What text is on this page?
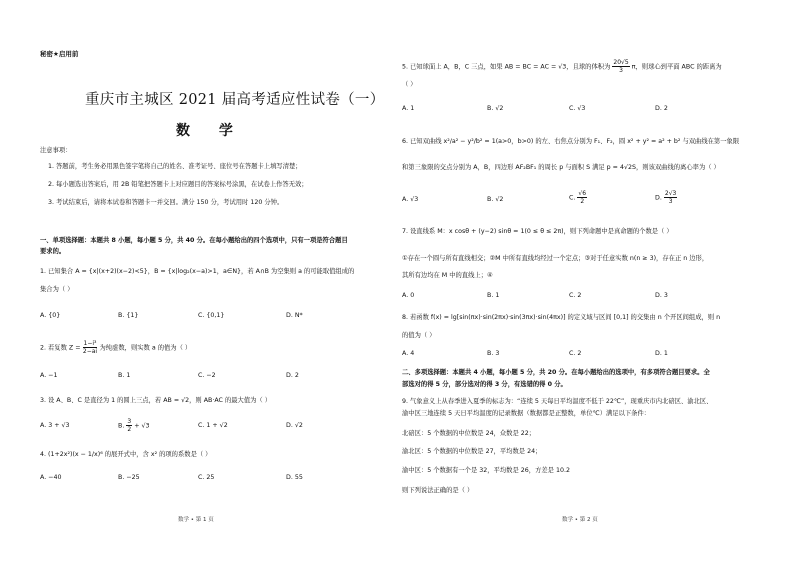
秘密★启用前
重庆市主城区 2021 届高考适应性试卷（一）
数 学
注意事项：
1. 答题前，考生务必用黑色签字笔将自己的姓名、准考证号、座位号在答题卡上填写清楚；
2. 每小题选出答案后，用 2B 铅笔把答题卡上对应题目的答案标号涂黑，在试卷上作答无效；
3. 考试结束后，请将本试卷和答题卡一并交回。满分 150 分，考试用时 120 分钟。
一、单项选择题：本题共 8 小题，每小题 5 分，共 40 分。在每小题给出的四个选项中，只有一项是符合题目
要求的。
1. 已知集合 A = {x|(x+2)(x−2)<5}，B = {x|log₂(x−a)>1，a∈N}，若 A∩B 为空集则 a 的可能取值组成的
集合为（ ）
A. {0}	B. {1}	C. {0,1}	D. N*
2. 若复数 $Z = \frac{\text{1−i³}}{2-ai}$ 为纯虚数，则实数 a 的值为（ ）
A. −1	B. 1	C. −2	D. 2
3. 设 A、B、C 是直径为 1 的圆上三点，若 AB = √2，则 AB·AC 的最大值为（ ）
A. 3 + √3	B. $\frac{3}{2} + √3$	C. 1 + √2	D. √2
4. (1+2x²)(x − 1/x)⁶ 的展开式中，含 x² 的项的系数是（ ）
A. −40	B. −25	C. 25	D. 55
数学 • 第 1 页
5. 已知球面上 A，B，C 三点，如果 AB = BC = AC = √3，且球的体积为 $\frac{20√5}{3}$ π，则球心到平面 ABC 的距离为
（ ）
A. 1	B. √2	C. √3	D. 2
6. 已知双曲线 x²/a² − y²/b² = 1(a>0，b>0) 的左、右焦点分别为 F₁、F₂，圆 x² + y² = a² + b² 与双曲线在第一象限
和第三象限的交点分别为 A，B，四边形 AF₂BF₁ 的周长 p 与面积 S 满足 p = 4√2S，则该双曲线的离心率为（ ）
A. √3	B. √2	C. $\frac{√6}{2}$	D. $\frac{2√3}{3}$
7. 设直线系 M：x cosθ + (y−2) sinθ = 1(0 ≤ θ ≤ 2π)，则下列命题中是真命题的个数是（ ）
①存在一个圆与所有直线相交；②M 中所有直线均经过一个定点；③对于任意实数 n(n ≥ 3)，存在正 n 边形，
其所有边均在 M 中的直线上；④
A. 0	B. 1	C. 2	D. 3
8. 若函数 f(x) = lg[sin(πx)·sin(2πx)·sin(3πx)·sin(4πx)] 的定义域与区间 [0,1] 的交集由 n 个开区间组成，则 n
的值为（ ）
A. 4	B. 3	C. 2	D. 1
二、多项选择题：本题共 4 小题，每小题 5 分，共 20 分。在每小题给出的选项中，有多项符合题目要求。全
部选对的得 5 分，部分选对的得 3 分，有选错的得 0 分。
9. 气象意义上从春季进入夏季的标志为：“连续 5 天每日平均温度不低于 22℃”，现重庆市内北碚区、渝北区、
渝中区三地连续 5 天日平均温度的记录数据（数据都是正整数，单位℃）满足以下条件：
北碚区：5 个数据的中位数是 24，众数是 22；
渝北区：5 个数据的中位数是 27，平均数是 24；
渝中区：5 个数据有一个是 32，平均数是 26，方差是 10.2
则下列说法正确的是（ ）
数学 • 第 2 页
